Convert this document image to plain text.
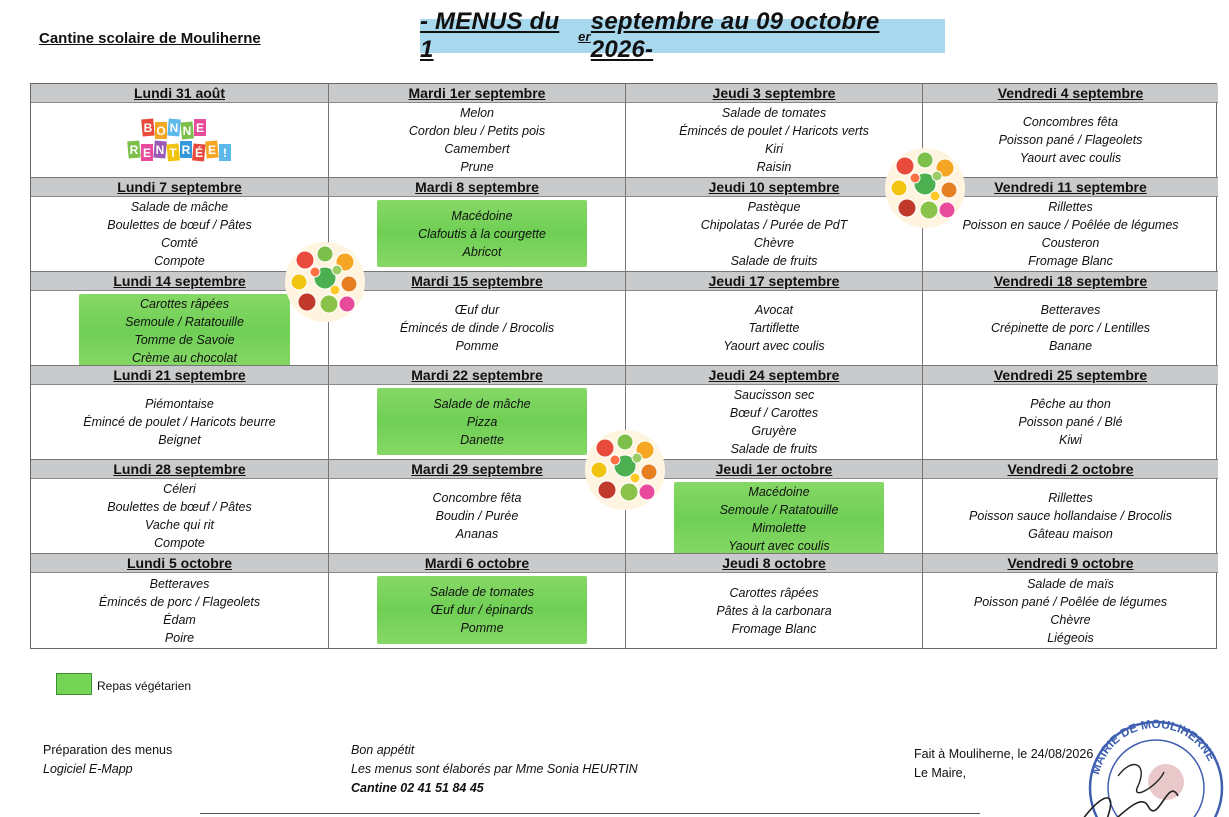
Cantine scolaire de Mouliherne
- MENUS du 1	er
septembre au 09 octobre 2026-
Lundi 31 août
B O N N E
R E N T R É E !
Mardi 1er septembre
Melon
Cordon bleu / Petits pois
Camembert
Prune
Jeudi 3 septembre
Salade de tomates
Émincés de poulet / Haricots verts
Kiri
Raisin
Vendredi 4 septembre
Concombres fêta
Poisson pané / Flageolets
Yaourt avec coulis
Lundi 7 septembre
Salade de mâche
Boulettes de bœuf / Pâtes
Comté
Compote
Mardi 8 septembre
Macédoine
Clafoutis à la courgette
Abricot
Jeudi 10 septembre
Pastèque
Chipolatas / Purée de PdT
Chèvre
Salade de fruits
Vendredi 11 septembre
Rillettes
Poisson en sauce / Poêlée de légumes
Cousteron
Fromage Blanc
Lundi 14 septembre
Carottes râpées
Semoule / Ratatouille
Tomme de Savoie
Crème au chocolat
Mardi 15 septembre
Œuf dur
Émincés de dinde / Brocolis
Pomme
Jeudi 17 septembre
Avocat
Tartiflette
Yaourt avec coulis
Vendredi 18 septembre
Betteraves
Crépinette de porc / Lentilles
Banane
Lundi 21 septembre
Piémontaise
Émincé de poulet / Haricots beurre
Beignet
Mardi 22 septembre
Salade de mâche
Pizza
Danette
Jeudi 24 septembre
Saucisson sec
Bœuf / Carottes
Gruyère
Salade de fruits
Vendredi 25 septembre
Pêche au thon
Poisson pané / Blé
Kiwi
Lundi 28 septembre
Céleri
Boulettes de bœuf / Pâtes
Vache qui rit
Compote
Mardi 29 septembre
Concombre fêta
Boudin / Purée
Ananas
Jeudi 1er octobre
Macédoine
Semoule / Ratatouille
Mimolette
Yaourt avec coulis
Vendredi 2 octobre
Rillettes
Poisson sauce hollandaise / Brocolis
Gâteau maison
Lundi 5 octobre
Betteraves
Émincés de porc / Flageolets
Édam
Poire
Mardi 6 octobre
Salade de tomates
Œuf dur / épinards
Pomme
Jeudi 8 octobre
Carottes râpées
Pâtes à la carbonara
Fromage Blanc
Vendredi 9 octobre
Salade de maïs
Poisson pané / Poêlée de légumes
Chèvre
Liégeois
Repas végétarien
Préparation des menus
Logiciel E-Mapp
Bon appétit
Les menus sont élaborés par Mme Sonia HEURTIN
Cantine 02 41 51 84 45
Fait à Mouliherne, le 24/08/2026
Le Maire,	MAIRIE DE MOULIHERNE
